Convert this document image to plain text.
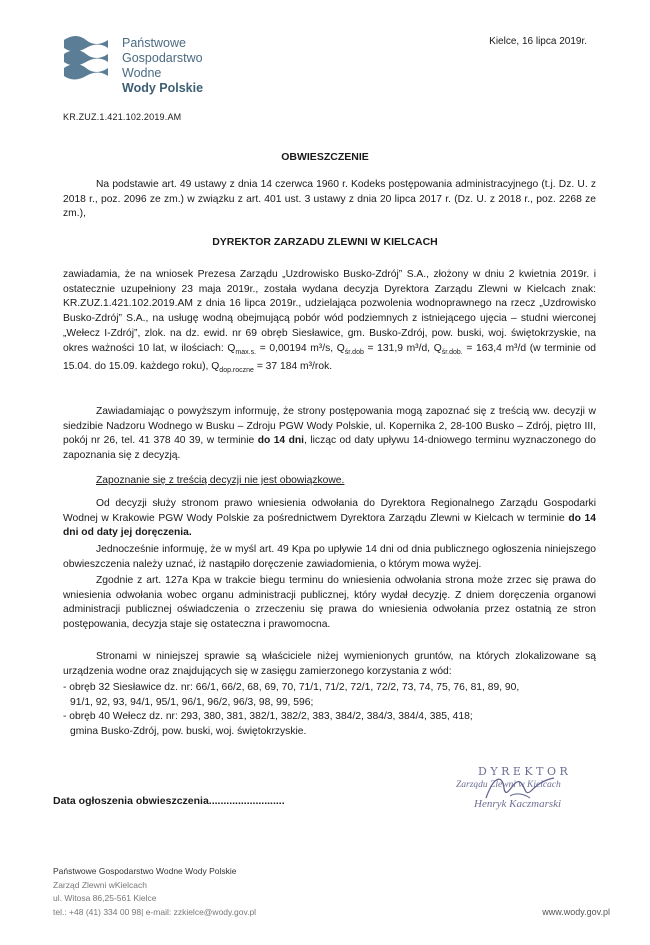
Państwowe
Gospodarstwo Wodne
Wody Polskie
Kielce, 16 lipca 2019r.
KR.ZUZ.1.421.102.2019.AM
OBWIESZCZENIE
Na podstawie art. 49 ustawy z dnia 14 czerwca 1960 r. Kodeks postępowania administracyjnego (t.j. Dz. U. z 2018 r., poz. 2096 ze zm.) w związku z art. 401 ust. 3 ustawy z dnia 20 lipca 2017 r. (Dz. U. z 2018 r., poz. 2268 ze zm.),
DYREKTOR ZARZADU ZLEWNI W KIELCACH
zawiadamia, że na wniosek Prezesa Zarządu „Uzdrowisko Busko-Zdrój” S.A., złożony w dniu 2 kwietnia 2019r. i ostatecznie uzupełniony 23 maja 2019r., została wydana decyzja Dyrektora Zarządu Zlewni w Kielcach znak: KR.ZUZ.1.421.102.2019.AM z dnia 16 lipca 2019r., udzielająca pozwolenia wodnoprawnego na rzecz „Uzdrowisko Busko-Zdrój” S.A., na usługę wodną obejmującą pobór wód podziemnych z istniejącego ujęcia – studni wierconej „Wełecz I-Zdrój”, zlok. na dz. ewid. nr 69 obręb Siesławice, gm. Busko-Zdrój, pow. buski, woj. świętokrzyskie, na okres ważności 10 lat, w ilościach: $Q_{max.s.} = 0,00194$ m³/s, $Q_{śr.dob} = 131,9$ m³/d, $Q_{śr.dob.} = 163,4$ m³/d (w terminie od 15.04. do 15.09. każdego roku), $Q_{dop.roczne} = 37$ 184 m³/rok.
Zawiadamiając o powyższym informuję, że strony postępowania mogą zapoznać się z treścią ww. decyzji w siedzibie Nadzoru Wodnego w Busku – Zdroju PGW Wody Polskie, ul. Kopernika 2, 28-100 Busko – Zdrój, piętro III, pokój nr 26, tel. 41 378 40 39, w terminie do 14 dni, licząc od daty upływu 14-dniowego terminu wyznaczonego do zapoznania się z decyzją.
Zapoznanie się z treścią decyzji nie jest obowiązkowe.
Od decyzji służy stronom prawo wniesienia odwołania do Dyrektora Regionalnego Zarządu Gospodarki Wodnej w Krakowie PGW Wody Polskie za pośrednictwem Dyrektora Zarządu Zlewni w Kielcach w terminie do 14 dni od daty jej doręczenia.
Jednocześnie informuję, że w myśl art. 49 Kpa po upływie 14 dni od dnia publicznego ogłoszenia niniejszego obwieszczenia należy uznać, iż nastąpiło doręczenie zawiadomienia, o którym mowa wyżej.
Zgodnie z art. 127a Kpa w trakcie biegu terminu do wniesienia odwołania strona może zrzec się prawa do wniesienia odwołania wobec organu administracji publicznej, który wydał decyzję. Z dniem doręczenia organowi administracji publicznej oświadczenia o zrzeczeniu się prawa do wniesienia odwołania przez ostatnią ze stron postępowania, decyzja staje się ostateczna i prawomocna.
Stronami w niniejszej sprawie są właściciele niżej wymienionych gruntów, na których zlokalizowane są urządzenia wodne oraz znajdujących się w zasięgu zamierzonego korzystania z wód:
- obręb 32 Siesławice dz. nr: 66/1, 66/2, 68, 69, 70, 71/1, 71/2, 72/1, 72/2, 73, 74, 75, 76, 81, 89, 90,
91/1, 92, 93, 94/1, 95/1, 96/1, 96/2, 96/3, 98, 99, 596;
- obręb 40 Wełecz dz. nr: 293, 380, 381, 382/1, 382/2, 383, 384/2, 384/3, 384/4, 385, 418;
gmina Busko-Zdrój, pow. buski, woj. świętokrzyskie.
DYREKTOR
Zarządu Zlewni w Kielcach
Henryk Kaczmarski
Data ogłoszenia obwieszczenia..........................
Państwowe Gospodarstwo Wodne Wody Polskie
Zarząd Zlewni wKielcach
ul. Witosa 86,25-561 Kielce
tel.: +48 (41) 334 00 98| e-mail: zzkielce@wody.gov.pl	www.wody.gov.pl
